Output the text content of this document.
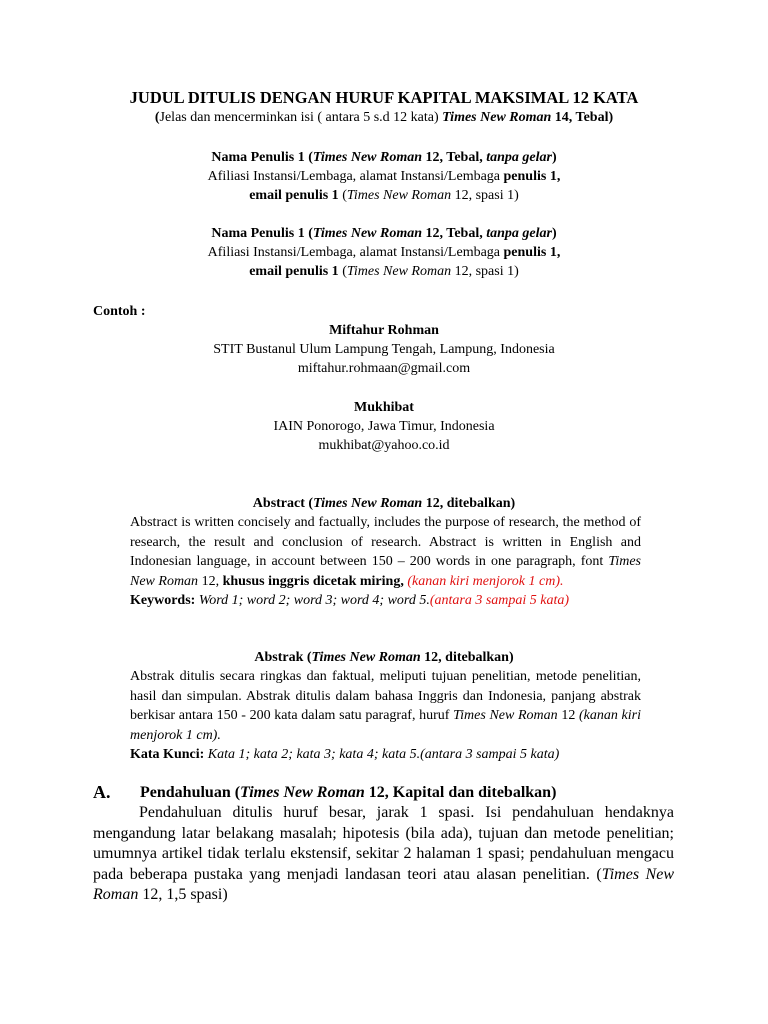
JUDUL DITULIS DENGAN HURUF KAPITAL MAKSIMAL 12 KATA

(Jelas dan mencerminkan isi ( antara 5 s.d 12 kata) Times New Roman 14, Tebal)

Nama Penulis 1 (Times New Roman 12, Tebal, tanpa gelar)

Afiliasi Instansi/Lembaga, alamat Instansi/Lembaga penulis 1,

email penulis 1 (Times New Roman 12, spasi 1)

Nama Penulis 1 (Times New Roman 12, Tebal, tanpa gelar)

Afiliasi Instansi/Lembaga, alamat Instansi/Lembaga penulis 1,

email penulis 1 (Times New Roman 12, spasi 1)

Contoh :

Miftahur Rohman

STIT Bustanul Ulum Lampung Tengah, Lampung, Indonesia

miftahur.rohmaan@gmail.com

Mukhibat

IAIN Ponorogo, Jawa Timur, Indonesia

mukhibat@yahoo.co.id

Abstract (Times New Roman 12, ditebalkan)

Abstract is written concisely and factually, includes the purpose of research, the method of research, the result and conclusion of research. Abstract is written in English and Indonesian language, in account between 150 – 200 words in one paragraph, font Times New Roman 12, khusus inggris dicetak miring, (kanan kiri menjorok 1 cm).
Keywords: Word 1; word 2; word 3; word 4; word 5.(antara 3 sampai 5 kata)

Abstrak (Times New Roman 12, ditebalkan)

Abstrak ditulis secara ringkas dan faktual, meliputi tujuan penelitian, metode penelitian, hasil dan simpulan. Abstrak ditulis dalam bahasa Inggris dan Indonesia, panjang abstrak berkisar antara 150 - 200 kata dalam satu paragraf, huruf Times New Roman 12 (kanan kiri menjorok 1 cm).
Kata Kunci: Kata 1; kata 2; kata 3; kata 4; kata 5.(antara 3 sampai 5 kata)

A. Pendahuluan (Times New Roman 12, Kapital dan ditebalkan)

Pendahuluan ditulis huruf besar, jarak 1 spasi. Isi pendahuluan hendaknya mengandung latar belakang masalah; hipotesis (bila ada), tujuan dan metode penelitian; umumnya artikel tidak terlalu ekstensif, sekitar 2 halaman 1 spasi; pendahuluan mengacu pada beberapa pustaka yang menjadi landasan teori atau alasan penelitian. (Times New Roman 12, 1,5 spasi)
